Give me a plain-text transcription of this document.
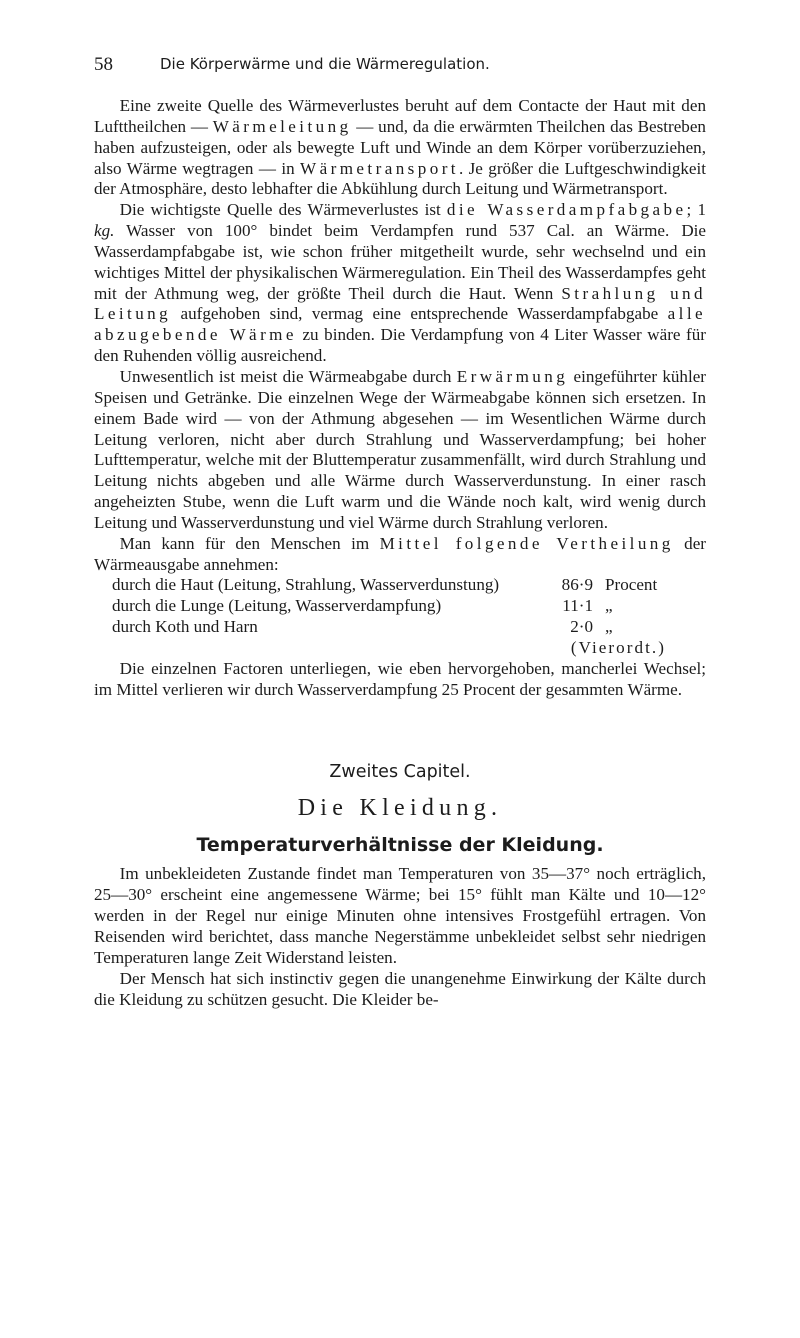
58	Die Körperwärme und die Wärmeregulation.

Eine zweite Quelle des Wärmeverlustes beruht auf dem Contacte der Haut mit den Lufttheilchen — Wärmeleitung — und, da die erwärmten Theilchen das Bestreben haben aufzusteigen, oder als bewegte Luft und Winde an dem Körper vorüberzuziehen, also Wärme wegtragen — in Wärmetransport. Je größer die Luftgeschwindigkeit der Atmosphäre, desto lebhafter die Abkühlung durch Leitung und Wärmetransport.

Die wichtigste Quelle des Wärmeverlustes ist die Wasserdampfabgabe; 1 kg. Wasser von 100° bindet beim Verdampfen rund 537 Cal. an Wärme. Die Wasserdampfabgabe ist, wie schon früher mitgetheilt wurde, sehr wechselnd und ein wichtiges Mittel der physikalischen Wärmeregulation. Ein Theil des Wasserdampfes geht mit der Athmung weg, der größte Theil durch die Haut. Wenn Strahlung und Leitung aufgehoben sind, vermag eine entsprechende Wasserdampfabgabe alle abzugebende Wärme zu binden. Die Verdampfung von 4 Liter Wasser wäre für den Ruhenden völlig ausreichend.

Unwesentlich ist meist die Wärmeabgabe durch Erwärmung eingeführter kühler Speisen und Getränke. Die einzelnen Wege der Wärmeabgabe können sich ersetzen. In einem Bade wird — von der Athmung abgesehen — im Wesentlichen Wärme durch Leitung verloren, nicht aber durch Strahlung und Wasserverdampfung; bei hoher Lufttemperatur, welche mit der Bluttemperatur zusammenfällt, wird durch Strahlung und Leitung nichts abgeben und alle Wärme durch Wasserverdunstung. In einer rasch angeheizten Stube, wenn die Luft warm und die Wände noch kalt, wird wenig durch Leitung und Wasserverdunstung und viel Wärme durch Strahlung verloren.

Man kann für den Menschen im Mittel folgende Vertheilung der Wärmeausgabe annehmen:

durch die Haut (Leitung, Strahlung, Wasserverdunstung)	86·9 Procent
durch die Lunge (Leitung, Wasserverdampfung)	11·1 „
durch Koth und Harn	2·0 „
(Vierordt.)

Die einzelnen Factoren unterliegen, wie eben hervorgehoben, mancherlei Wechsel; im Mittel verlieren wir durch Wasserverdampfung 25 Procent der gesammten Wärme.

Zweites Capitel.
Die Kleidung.
Temperaturverhältnisse der Kleidung.

Im unbekleideten Zustande findet man Temperaturen von 35—37° noch erträglich, 25—30° erscheint eine angemessene Wärme; bei 15° fühlt man Kälte und 10—12° werden in der Regel nur einige Minuten ohne intensives Frostgefühl ertragen. Von Reisenden wird berichtet, dass manche Negerstämme unbekleidet selbst sehr niedrigen Temperaturen lange Zeit Widerstand leisten.

Der Mensch hat sich instinctiv gegen die unangenehme Einwirkung der Kälte durch die Kleidung zu schützen gesucht. Die Kleider be-
